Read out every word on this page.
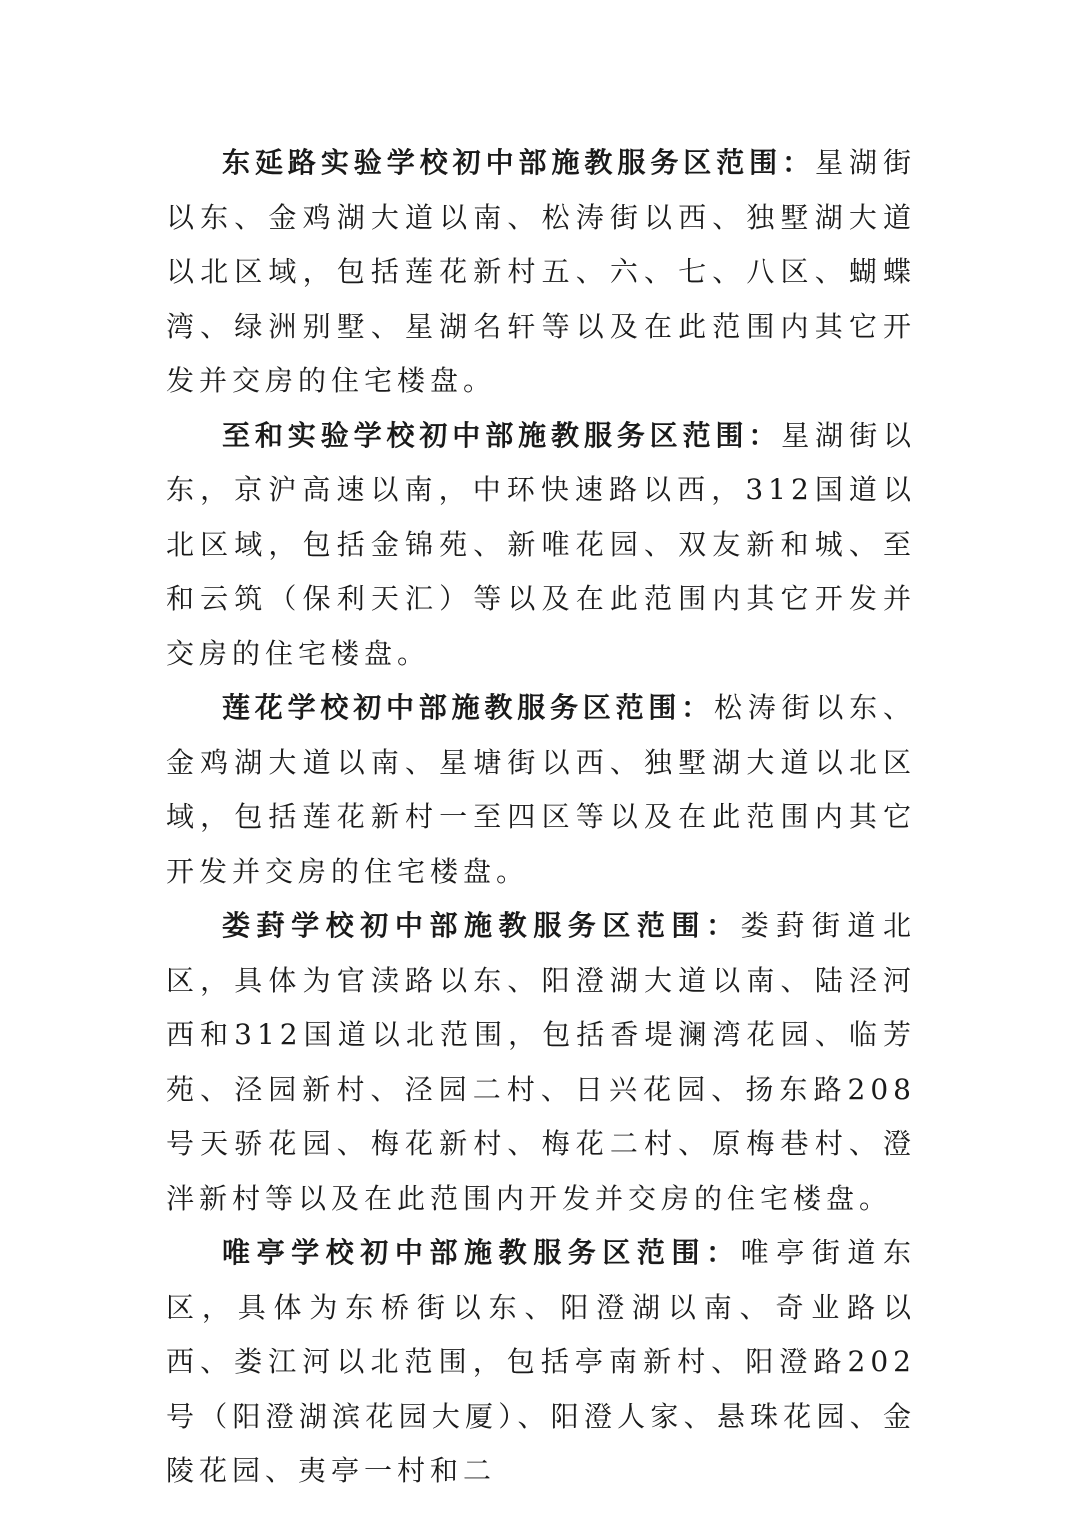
东延路实验学校初中部施教服务区范围：星湖街以东、金鸡湖大道以南、松涛街以西、独墅湖大道以北区域，包括莲花新村五、六、七、八区、蝴蝶湾、绿洲别墅、星湖名轩等以及在此范围内其它开发并交房的住宅楼盘。

至和实验学校初中部施教服务区范围：星湖街以东，京沪高速以南，中环快速路以西，312国道以北区域，包括金锦苑、新唯花园、双友新和城、至和云筑（保利天汇）等以及在此范围内其它开发并交房的住宅楼盘。

莲花学校初中部施教服务区范围：松涛街以东、金鸡湖大道以南、星塘街以西、独墅湖大道以北区域，包括莲花新村一至四区等以及在此范围内其它开发并交房的住宅楼盘。

娄葑学校初中部施教服务区范围：娄葑街道北区，具体为官渎路以东、阳澄湖大道以南、陆泾河西和312国道以北范围，包括香堤澜湾花园、临芳苑、泾园新村、泾园二村、日兴花园、扬东路208号天骄花园、梅花新村、梅花二村、原梅巷村、澄泮新村等以及在此范围内开发并交房的住宅楼盘。

唯亭学校初中部施教服务区范围：唯亭街道东区，具体为东桥街以东、阳澄湖以南、奇业路以西、娄江河以北范围，包括亭南新村、阳澄路202号（阳澄湖滨花园大厦）、阳澄人家、悬珠花园、金陵花园、夷亭一村和二
